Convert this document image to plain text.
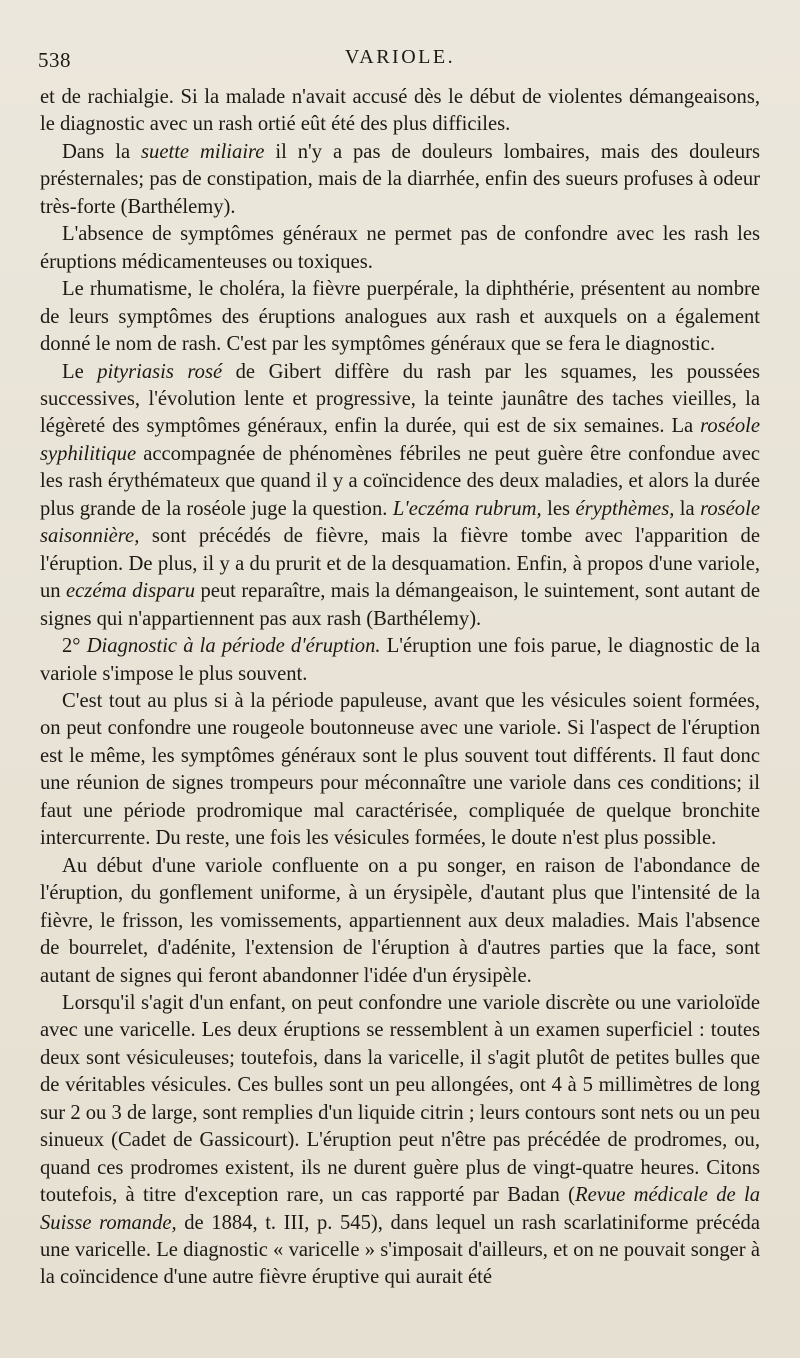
538	VARIOLE.

et de rachialgie. Si la malade n'avait accusé dès le début de violentes démangeaisons, le diagnostic avec un rash ortié eût été des plus difficiles.

Dans la suette miliaire il n'y a pas de douleurs lombaires, mais des douleurs présternales; pas de constipation, mais de la diarrhée, enfin des sueurs profuses à odeur très-forte (Barthélemy).

L'absence de symptômes généraux ne permet pas de confondre avec les rash les éruptions médicamenteuses ou toxiques.

Le rhumatisme, le choléra, la fièvre puerpérale, la diphthérie, présentent au nombre de leurs symptômes des éruptions analogues aux rash et auxquels on a également donné le nom de rash. C'est par les symptômes généraux que se fera le diagnostic.

Le pityriasis rosé de Gibert diffère du rash par les squames, les poussées successives, l'évolution lente et progressive, la teinte jaunâtre des taches vieilles, la légèreté des symptômes généraux, enfin la durée, qui est de six semaines. La roséole syphilitique accompagnée de phénomènes fébriles ne peut guère être confondue avec les rash érythémateux que quand il y a coïncidence des deux maladies, et alors la durée plus grande de la roséole juge la question. L'eczéma rubrum, les érypthèmes, la roséole saisonnière, sont précédés de fièvre, mais la fièvre tombe avec l'apparition de l'éruption. De plus, il y a du prurit et de la desquamation. Enfin, à propos d'une variole, un eczéma disparu peut reparaître, mais la démangeaison, le suintement, sont autant de signes qui n'appartiennent pas aux rash (Barthélemy).

2° Diagnostic à la période d'éruption. L'éruption une fois parue, le diagnostic de la variole s'impose le plus souvent.

C'est tout au plus si à la période papuleuse, avant que les vésicules soient formées, on peut confondre une rougeole boutonneuse avec une variole. Si l'aspect de l'éruption est le même, les symptômes généraux sont le plus souvent tout différents. Il faut donc une réunion de signes trompeurs pour méconnaître une variole dans ces conditions; il faut une période prodromique mal caractérisée, compliquée de quelque bronchite intercurrente. Du reste, une fois les vésicules formées, le doute n'est plus possible.

Au début d'une variole confluente on a pu songer, en raison de l'abondance de l'éruption, du gonflement uniforme, à un érysipèle, d'autant plus que l'intensité de la fièvre, le frisson, les vomissements, appartiennent aux deux maladies. Mais l'absence de bourrelet, d'adénite, l'extension de l'éruption à d'autres parties que la face, sont autant de signes qui feront abandonner l'idée d'un érysipèle.

Lorsqu'il s'agit d'un enfant, on peut confondre une variole discrète ou une varioloïde avec une varicelle. Les deux éruptions se ressemblent à un examen superficiel : toutes deux sont vésiculeuses; toutefois, dans la varicelle, il s'agit plutôt de petites bulles que de véritables vésicules. Ces bulles sont un peu allongées, ont 4 à 5 millimètres de long sur 2 ou 3 de large, sont remplies d'un liquide citrin ; leurs contours sont nets ou un peu sinueux (Cadet de Gassicourt). L'éruption peut n'être pas précédée de prodromes, ou, quand ces prodromes existent, ils ne durent guère plus de vingt-quatre heures. Citons toutefois, à titre d'exception rare, un cas rapporté par Badan (Revue médicale de la Suisse romande, de 1884, t. III, p. 545), dans lequel un rash scarlatiniforme précéda une varicelle. Le diagnostic « varicelle » s'imposait d'ailleurs, et on ne pouvait songer à la coïncidence d'une autre fièvre éruptive qui aurait été
